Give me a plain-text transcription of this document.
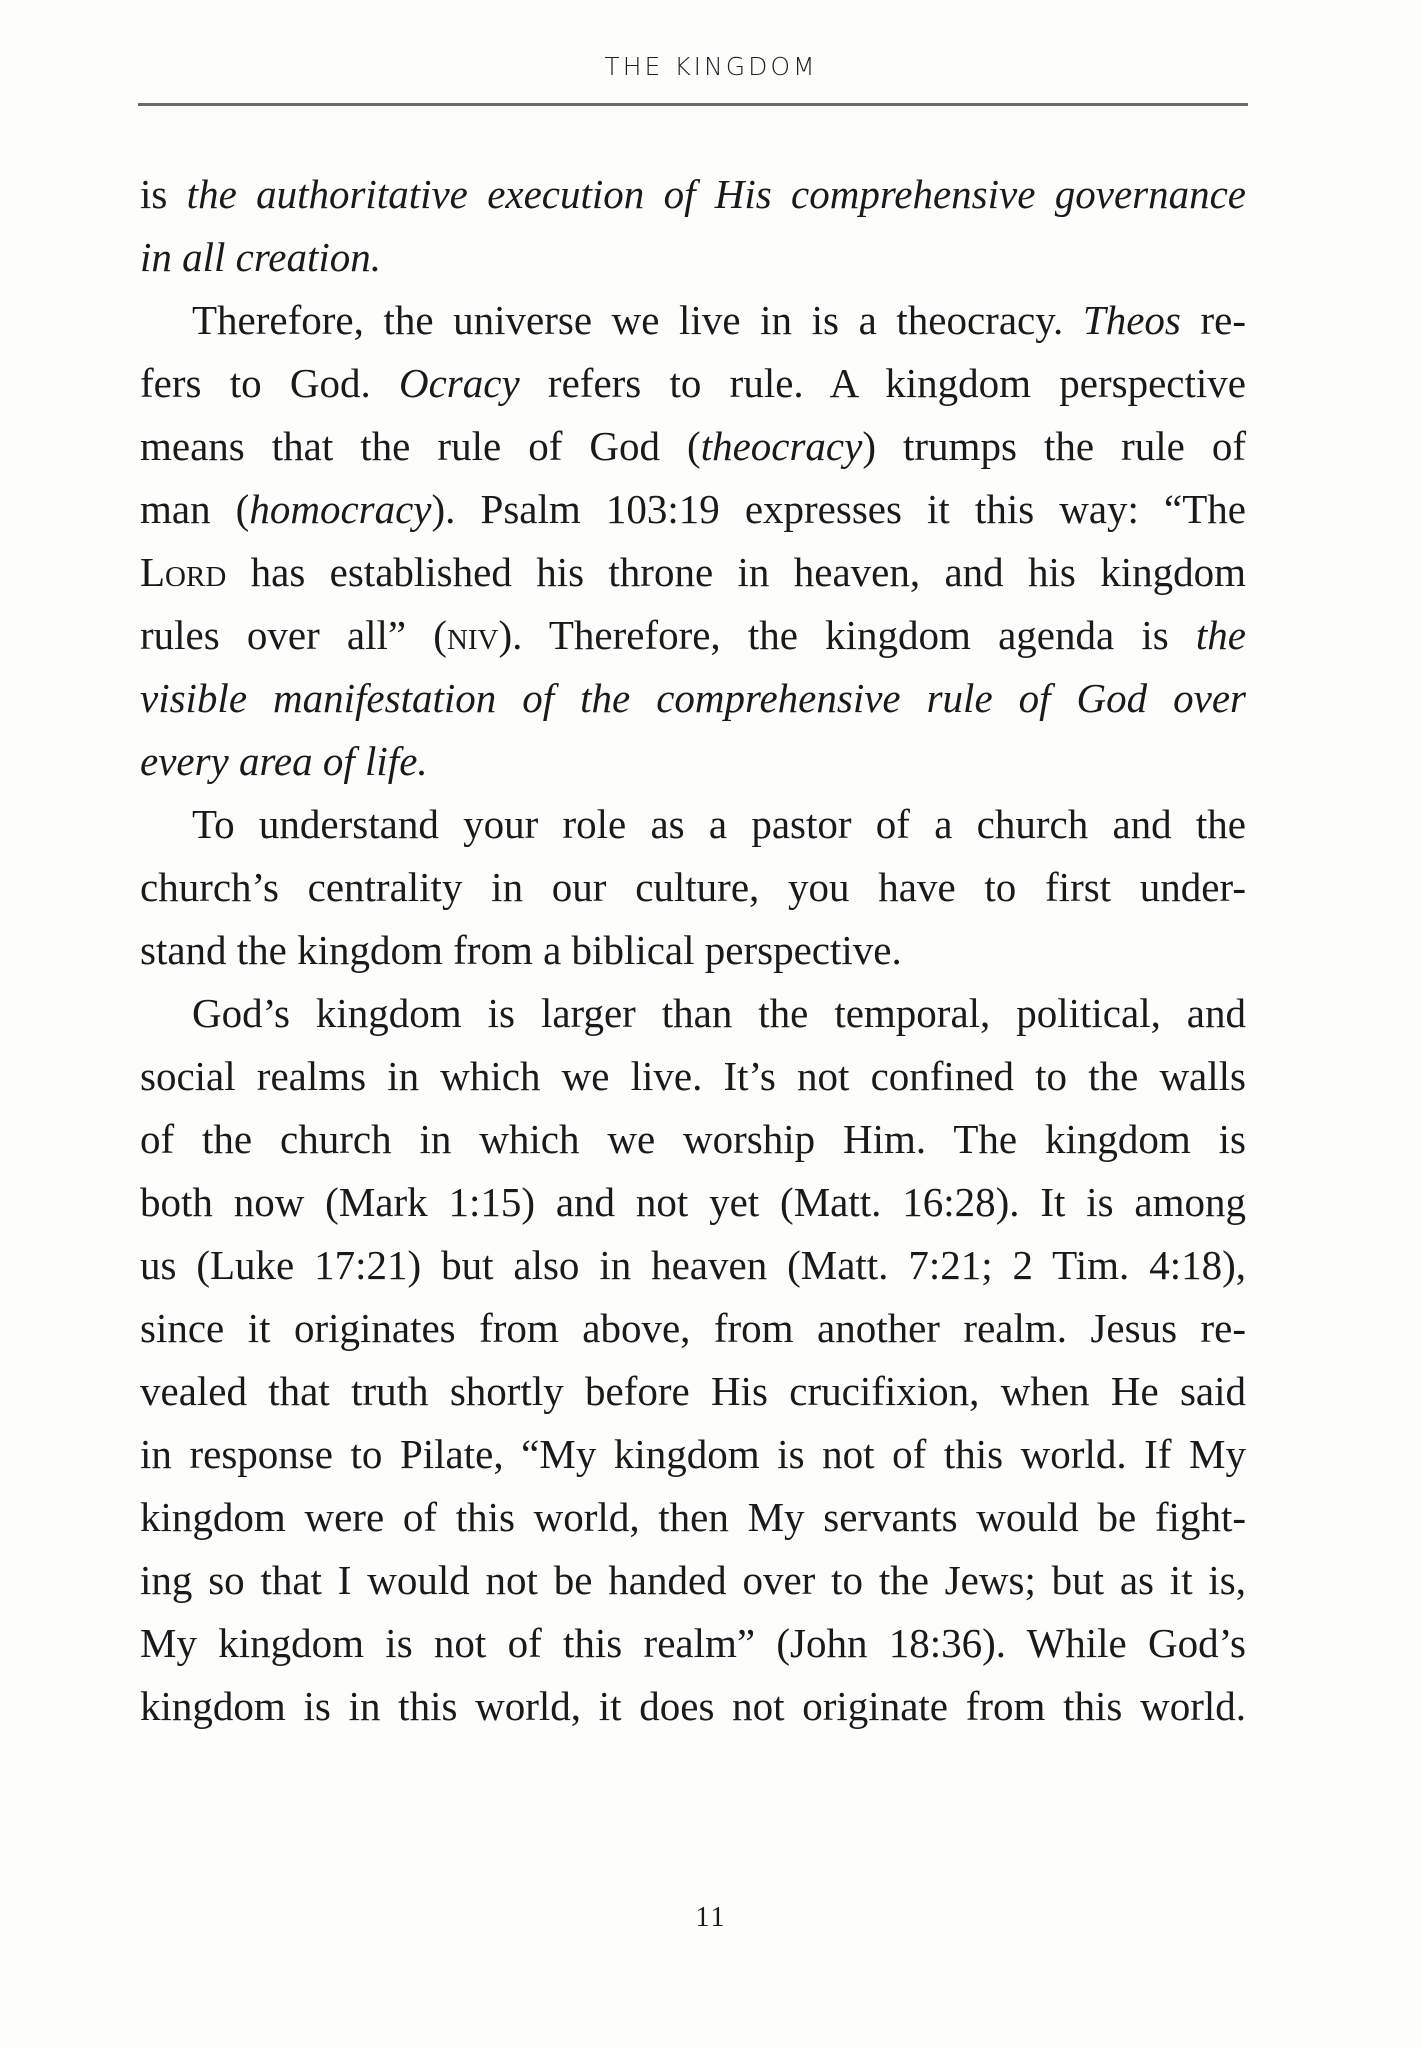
THE KINGDOM
is the authoritative execution of His comprehensive governance
in all creation.
Therefore, the universe we live in is a theocracy. Theos re-
fers to God. Ocracy refers to rule. A kingdom perspective
means that the rule of God (theocracy) trumps the rule of
man (homocracy). Psalm 103:19 expresses it this way: “The
Lord has established his throne in heaven, and his kingdom
rules over all” (niv). Therefore, the kingdom agenda is the
visible manifestation of the comprehensive rule of God over
every area of life.
To understand your role as a pastor of a church and the
church’s centrality in our culture, you have to first under-
stand the kingdom from a biblical perspective.
God’s kingdom is larger than the temporal, political, and
social realms in which we live. It’s not confined to the walls
of the church in which we worship Him. The kingdom is
both now (Mark 1:15) and not yet (Matt. 16:28). It is among
us (Luke 17:21) but also in heaven (Matt. 7:21; 2 Tim. 4:18),
since it originates from above, from another realm. Jesus re-
vealed that truth shortly before His crucifixion, when He said
in response to Pilate, “My kingdom is not of this world. If My
kingdom were of this world, then My servants would be fight-
ing so that I would not be handed over to the Jews; but as it is,
My kingdom is not of this realm” (John 18:36). While God’s
kingdom is in this world, it does not originate from this world.
11
